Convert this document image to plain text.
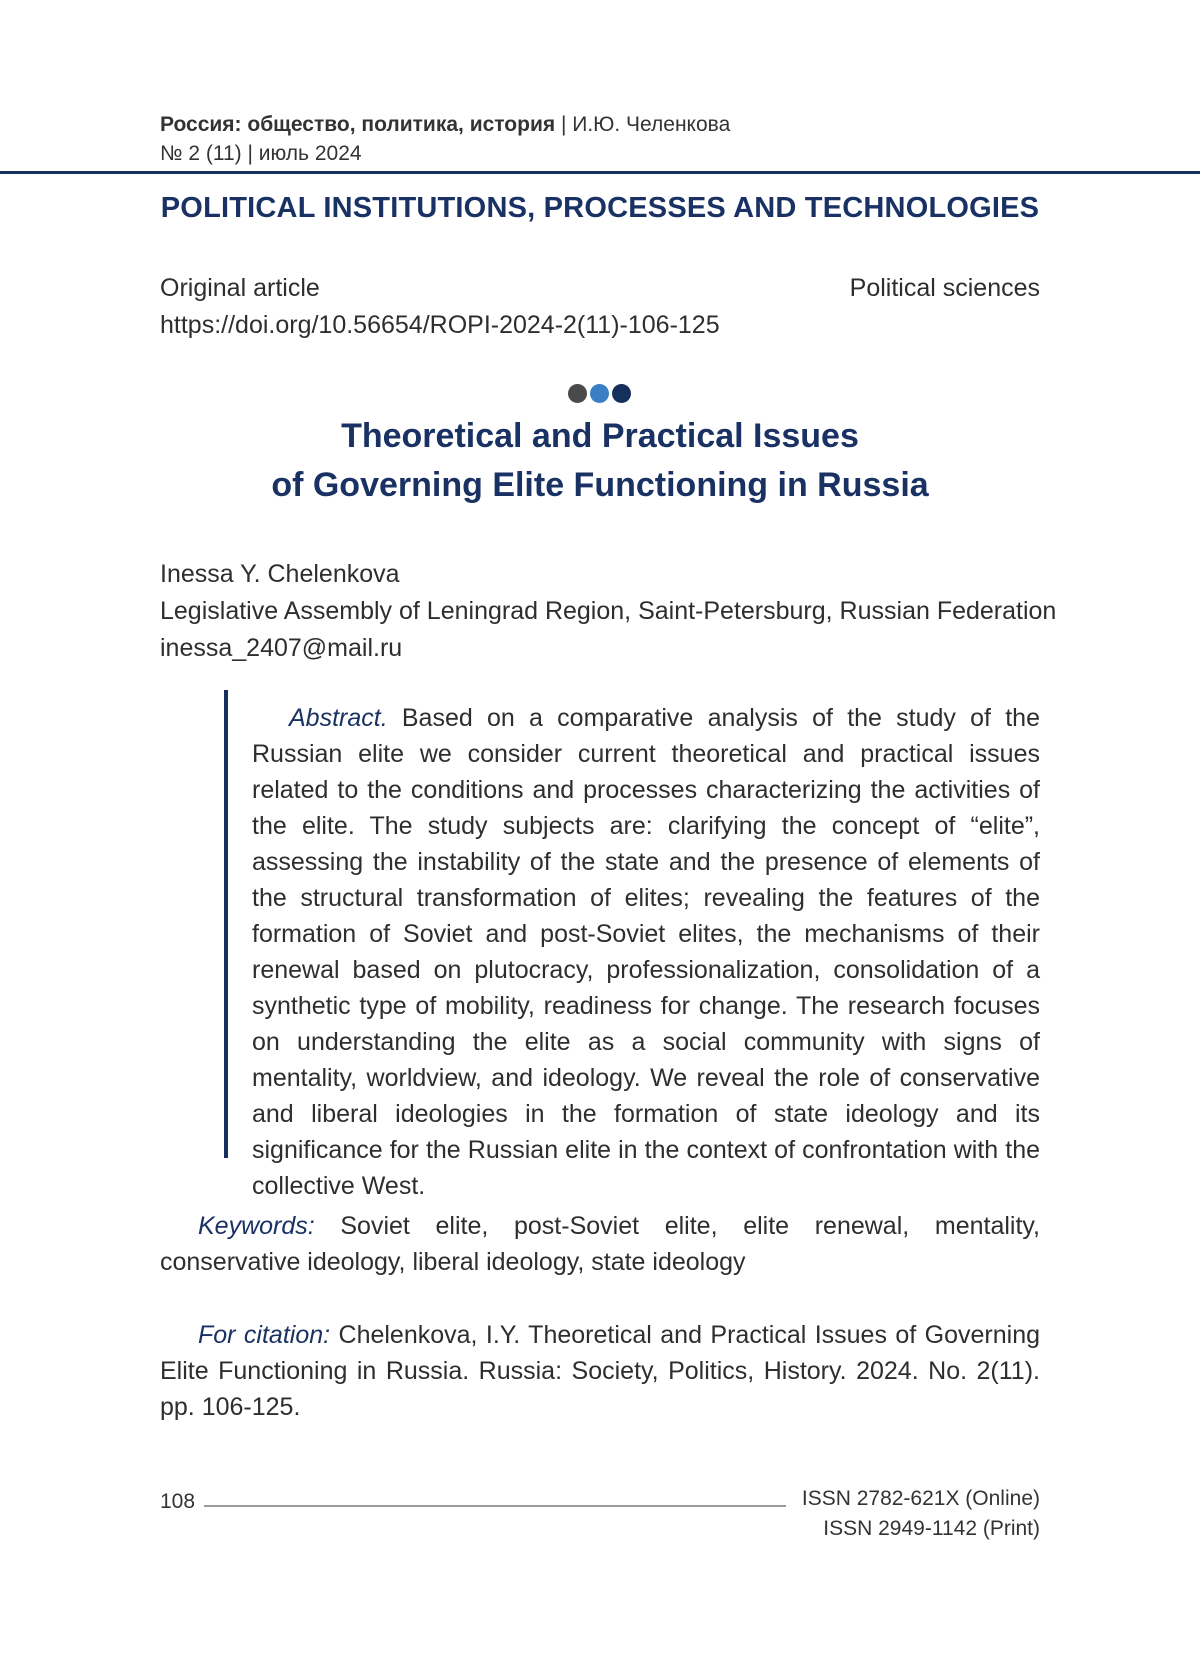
Россия: общество, политика, история | И.Ю. Челенкова
№ 2 (11) | июль 2024
POLITICAL INSTITUTIONS, PROCESSES AND TECHNOLOGIES
Original article	Political sciences
https://doi.org/10.56654/ROPI-2024-2(11)-106-125
Theoretical and Practical Issues
of Governing Elite Functioning in Russia
Inessa Y. Chelenkova
Legislative Assembly of Leningrad Region, Saint-Petersburg, Russian Federation
inessa_2407@mail.ru

Abstract. Based on a comparative analysis of the study of the Russian elite we consider current theoretical and practical issues related to the conditions and processes characterizing the activities of the elite. The study subjects are: clarifying the concept of “elite”, assessing the instability of the state and the presence of elements of the structural transformation of elites; revealing the features of the formation of Soviet and post-Soviet elites, the mechanisms of their renewal based on plutocracy, professionalization, consolidation of a synthetic type of mobility, readiness for change. The research focuses on understanding the elite as a social community with signs of mentality, worldview, and ideology. We reveal the role of conservative and liberal ideologies in the formation of state ideology and its significance for the Russian elite in the context of confrontation with the collective West.

Keywords: Soviet elite, post-Soviet elite, elite renewal, mentality, conservative ideology, liberal ideology, state ideology

For citation: Chelenkova, I.Y. Theoretical and Practical Issues of Governing Elite Functioning in Russia. Russia: Society, Politics, History. 2024. No. 2(11). pp. 106-125.

108	ISSN 2782-621X (Online)
ISSN 2949-1142 (Print)
